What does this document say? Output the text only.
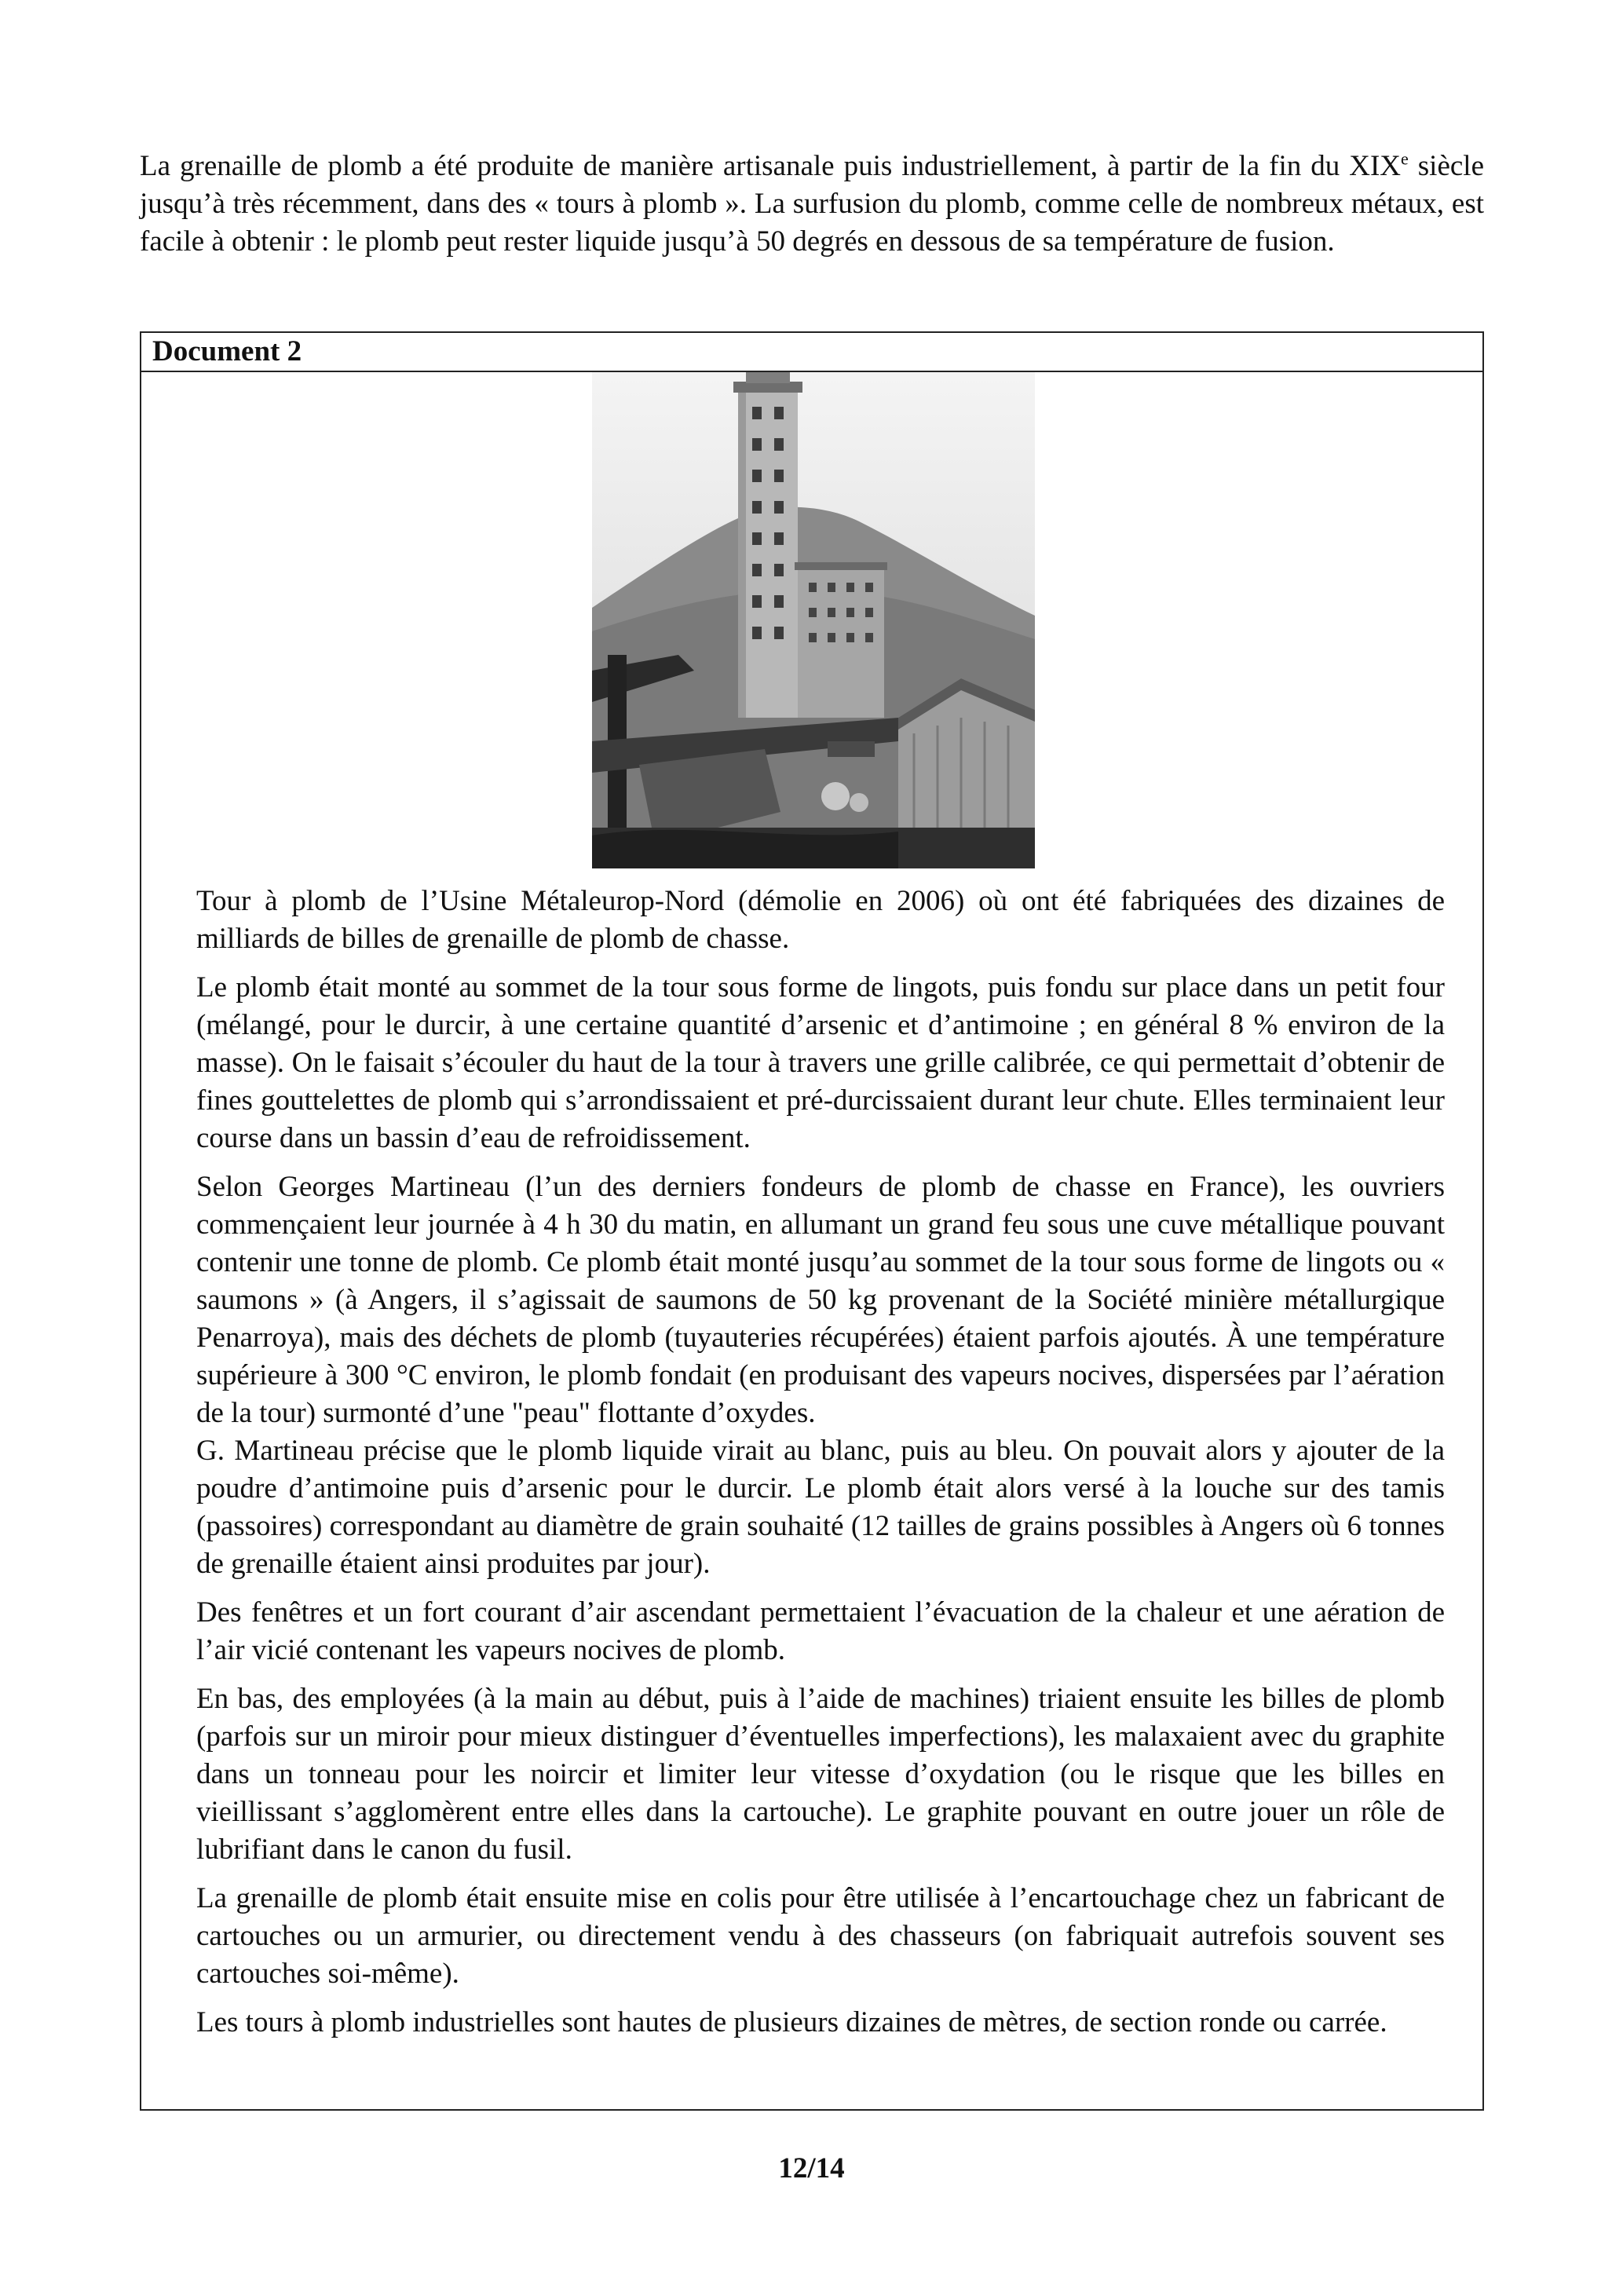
La grenaille de plomb a été produite de manière artisanale puis industriellement, à partir de la fin du XIXe siècle jusqu’à très récemment, dans des « tours à plomb ». La surfusion du plomb, comme celle de nombreux métaux, est facile à obtenir : le plomb peut rester liquide jusqu’à 50 degrés en dessous de sa température de fusion.

Document 2

Tour à plomb de l’Usine Métaleurop-Nord (démolie en 2006) où ont été fabriquées des dizaines de milliards de billes de grenaille de plomb de chasse.

Le plomb était monté au sommet de la tour sous forme de lingots, puis fondu sur place dans un petit four (mélangé, pour le durcir, à une certaine quantité d’arsenic et d’antimoine ; en général 8 % environ de la masse). On le faisait s’écouler du haut de la tour à travers une grille calibrée, ce qui permettait d’obtenir de fines gouttelettes de plomb qui s’arrondissaient et pré-durcissaient durant leur chute. Elles terminaient leur course dans un bassin d’eau de refroidissement.

Selon Georges Martineau (l’un des derniers fondeurs de plomb de chasse en France), les ouvriers commençaient leur journée à 4 h 30 du matin, en allumant un grand feu sous une cuve métallique pouvant contenir une tonne de plomb. Ce plomb était monté jusqu’au sommet de la tour sous forme de lingots ou « saumons » (à Angers, il s’agissait de saumons de 50 kg provenant de la Société minière métallurgique Penarroya), mais des déchets de plomb (tuyauteries récupérées) étaient parfois ajoutés. À une température supérieure à 300 °C environ, le plomb fondait (en produisant des vapeurs nocives, dispersées par l’aération de la tour) surmonté d’une "peau" flottante d’oxydes.

G. Martineau précise que le plomb liquide virait au blanc, puis au bleu. On pouvait alors y ajouter de la poudre d’antimoine puis d’arsenic pour le durcir. Le plomb était alors versé à la louche sur des tamis (passoires) correspondant au diamètre de grain souhaité (12 tailles de grains possibles à Angers où 6 tonnes de grenaille étaient ainsi produites par jour).

Des fenêtres et un fort courant d’air ascendant permettaient l’évacuation de la chaleur et une aération de l’air vicié contenant les vapeurs nocives de plomb.

En bas, des employées (à la main au début, puis à l’aide de machines) triaient ensuite les billes de plomb (parfois sur un miroir pour mieux distinguer d’éventuelles imperfections), les malaxaient avec du graphite dans un tonneau pour les noircir et limiter leur vitesse d’oxydation (ou le risque que les billes en vieillissant s’agglomèrent entre elles dans la cartouche). Le graphite pouvant en outre jouer un rôle de lubrifiant dans le canon du fusil.

La grenaille de plomb était ensuite mise en colis pour être utilisée à l’encartouchage chez un fabricant de cartouches ou un armurier, ou directement vendu à des chasseurs (on fabriquait autrefois souvent ses cartouches soi-même).

Les tours à plomb industrielles sont hautes de plusieurs dizaines de mètres, de section ronde ou carrée.

12/14
